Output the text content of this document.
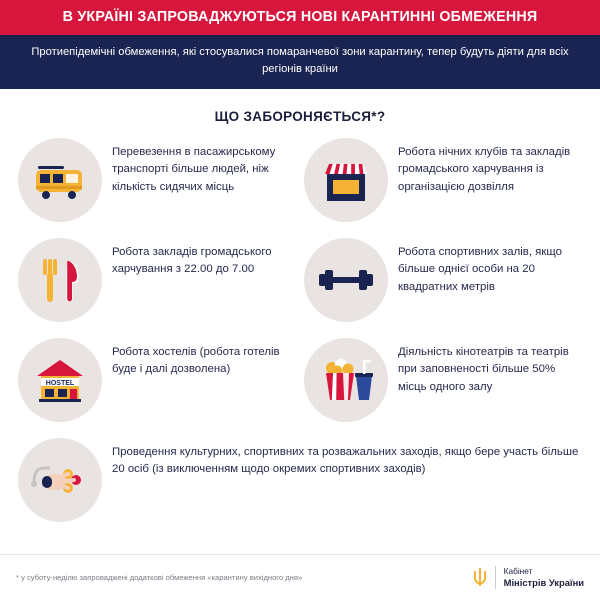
В УКРАЇНІ ЗАПРОВАДЖУЮТЬСЯ НОВІ КАРАНТИННІ ОБМЕЖЕННЯ
Протиепідемічні обмеження, які стосувалися помаранчевої зони карантину, тепер будуть діяти для всіх регіонів країни
ЩО ЗАБОРОНЯЄТЬСЯ*?
Перевезення в пасажирському транспорті більше людей, ніж кількість сидячих місць
Робота нічних клубів та закладів громадського харчування із організацією дозвілля
Робота закладів громадського харчування з 22.00 до 7.00
Робота спортивних залів, якщо більше однієї особи на 20 квадратних метрів
HOSTEL
Робота хостелів (робота готелів буде і далі дозволена)
Діяльність кінотеатрів та театрів при заповненості більше 50% місць одного залу
Проведення культурних, спортивних та розважальних заходів, якщо бере участь більше 20 осіб (із виключенням щодо окремих спортивних заходів)
* у суботу-неділю запроваджені додаткові обмеження «карантину вихідного дня»
Кабінет
Міністрів України
